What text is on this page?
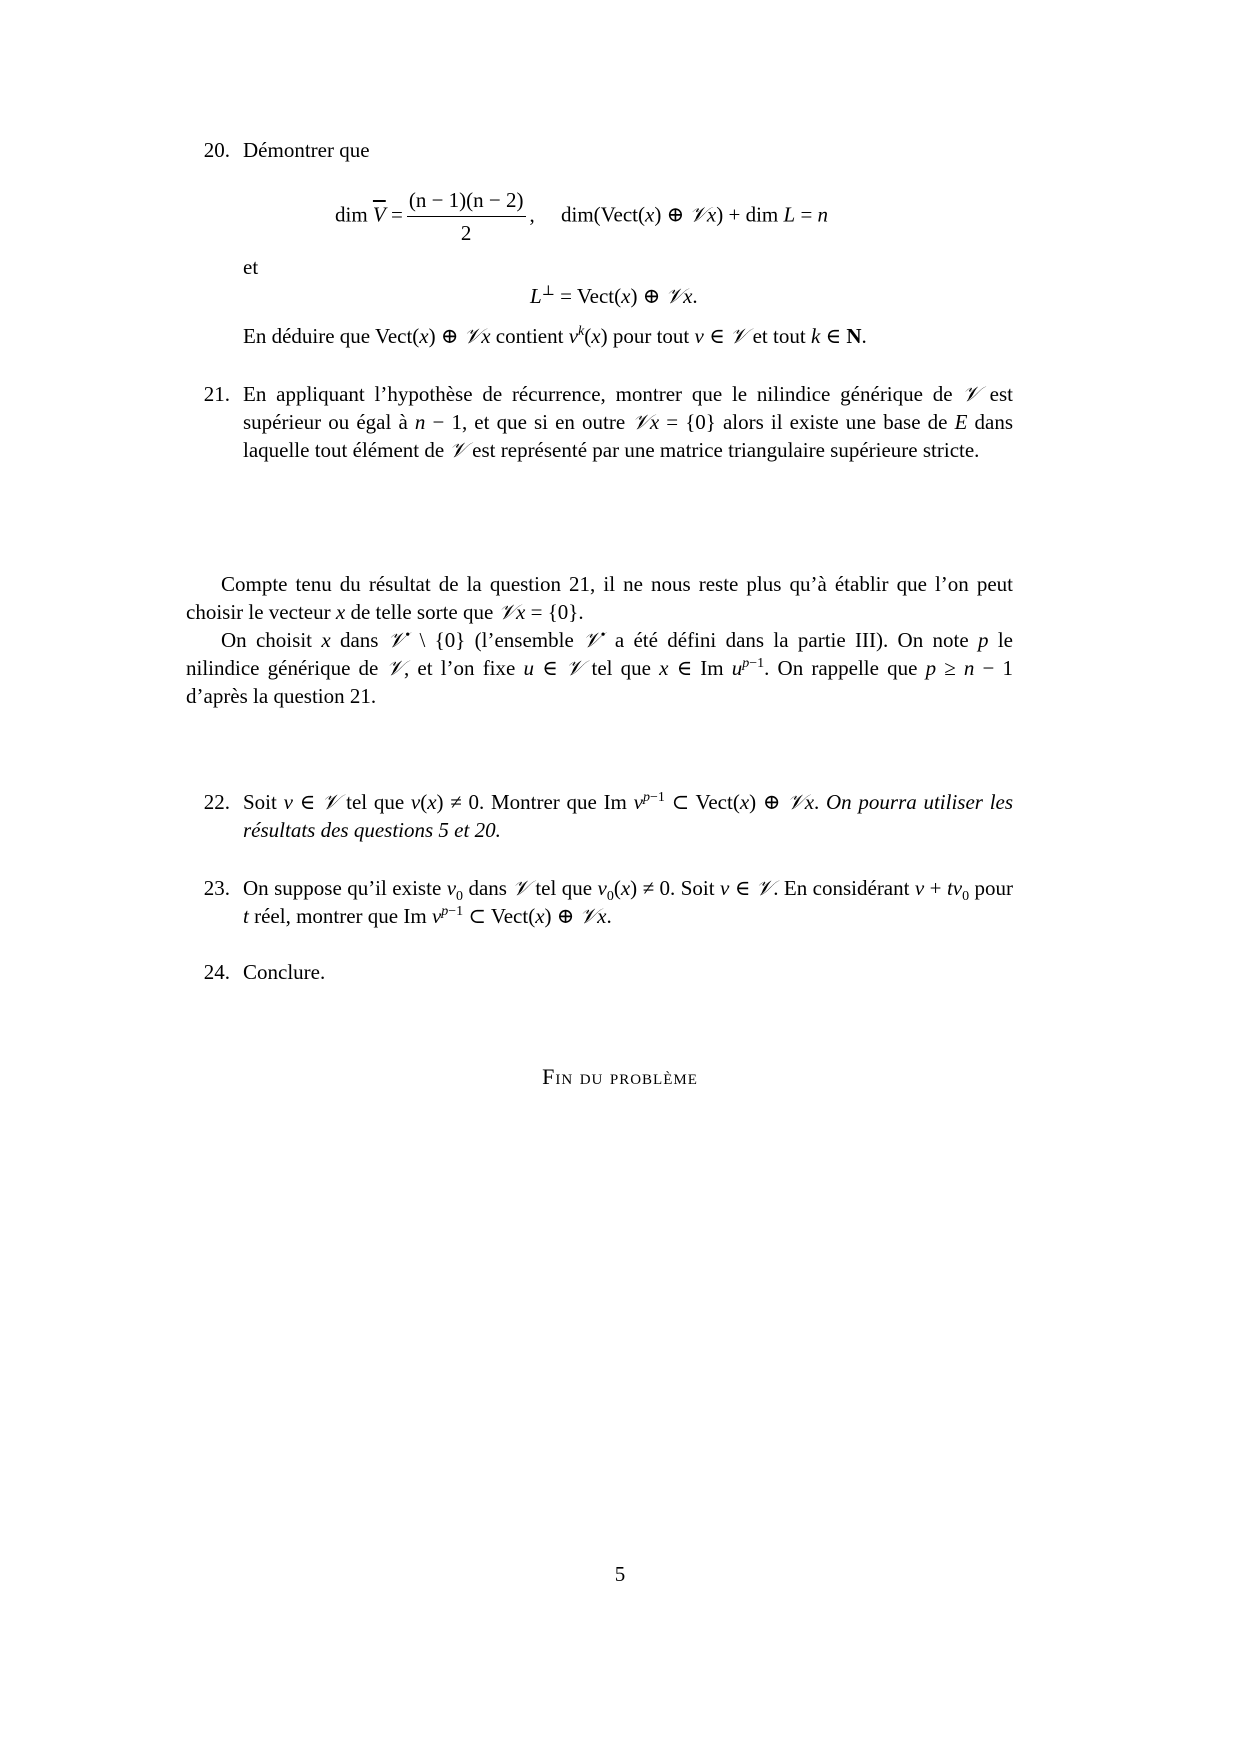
20. Démontrer que
dim $\overline{V} = \frac{(n - 1)(n - 2)}{2}$ ,     dim(Vect(x) ⊕ 𝒱x) + dim L = n
et
L⊥ = Vect(x) ⊕ 𝒱x.
En déduire que Vect(x) ⊕ 𝒱x contient $v^k(x)$ pour tout v ∈ 𝒱 et tout k ∈ N.
21. En appliquant l’hypothèse de récurrence, montrer que le nilindice générique de 𝒱 est supérieur ou égal à n − 1, et que si en outre 𝒱x = {0} alors il existe une base de E dans laquelle tout élément de 𝒱 est représenté par une matrice triangulaire supérieure stricte.
Compte tenu du résultat de la question 21, il ne nous reste plus qu’à établir que l’on peut choisir le vecteur x de telle sorte que 𝒱x = {0}.
On choisit x dans 𝒱• \ {0} (l’ensemble 𝒱• a été défini dans la partie III). On note p le nilindice générique de 𝒱, et l’on fixe u ∈ 𝒱 tel que x ∈ Im $u^{p-1}$. On rappelle que p ≥ n − 1 d’après la question 21.
22. Soit v ∈ 𝒱 tel que v(x) ≠ 0. Montrer que Im $v^{p-1}$ ⊂ Vect(x) ⊕ 𝒱x. On pourra utiliser les résultats des questions 5 et 20.
23. On suppose qu’il existe $v_0$ dans 𝒱 tel que $v_0(x) \ne 0$. Soit v ∈ 𝒱. En considérant $v + tv_0$ pour t réel, montrer que Im $v^{p-1}$ ⊂ Vect(x) ⊕ 𝒱x.
24. Conclure.
Fin du problème
5
